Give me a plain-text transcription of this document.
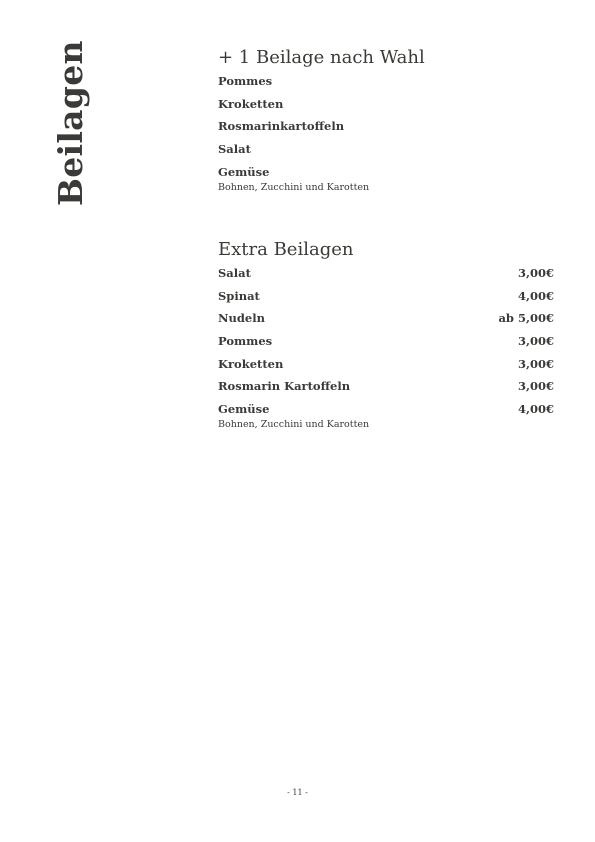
Beilagen	+ 1 Beilage nach Wahl
Pommes
Kroketten
Rosmarinkartoffeln
Salat
Gemüse
Bohnen, Zucchini und Karotten
Extra Beilagen
Salat	3,00€
Spinat	4,00€
Nudeln	ab 5,00€
Pommes	3,00€
Kroketten	3,00€
Rosmarin Kartoffeln	3,00€
Gemüse	4,00€
Bohnen, Zucchini und Karotten
- 11 -
